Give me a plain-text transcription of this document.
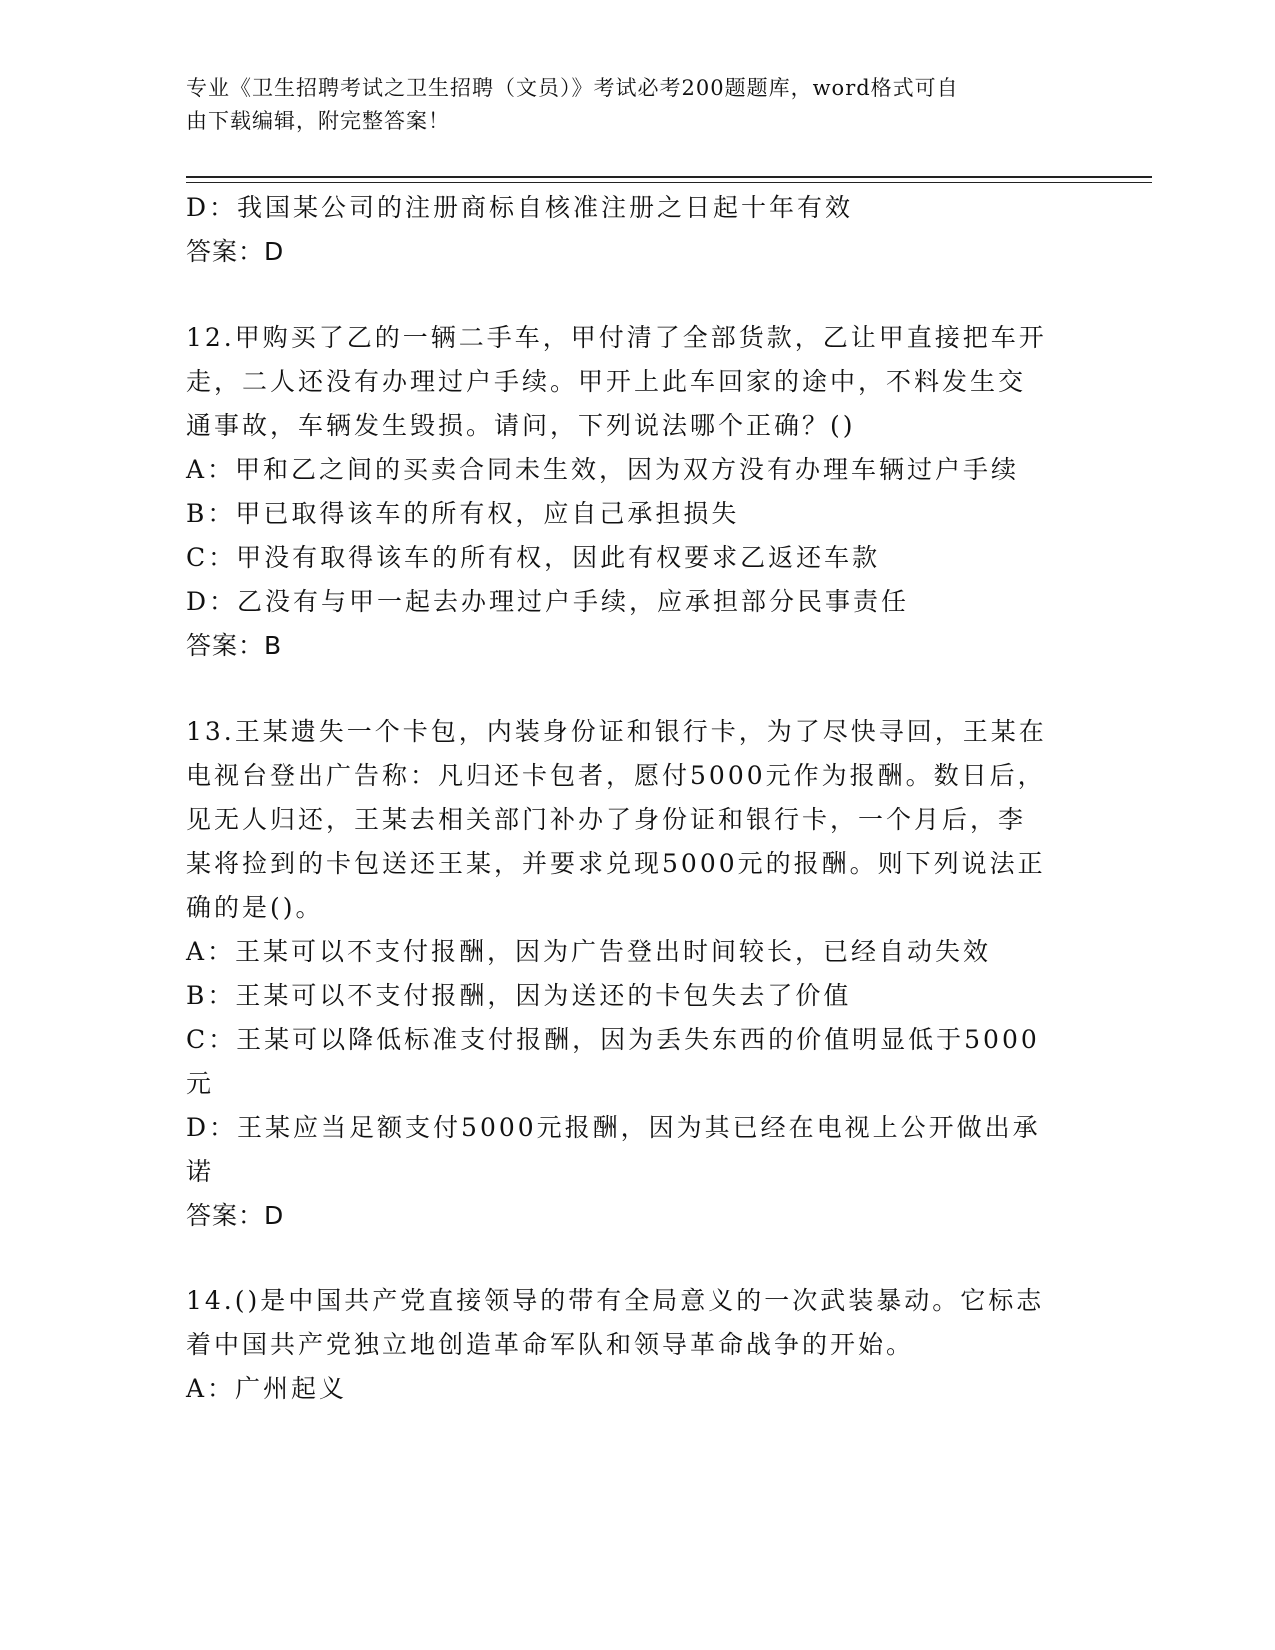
专业《卫生招聘考试之卫生招聘（文员）》考试必考200题题库，word格式可自
由下载编辑，附完整答案！
D：我国某公司的注册商标自核准注册之日起十年有效
答案：D
12.甲购买了乙的一辆二手车，甲付清了全部货款，乙让甲直接把车开
走，二人还没有办理过户手续。甲开上此车回家的途中，不料发生交
通事故，车辆发生毁损。请问，下列说法哪个正确？()
A：甲和乙之间的买卖合同未生效，因为双方没有办理车辆过户手续
B：甲已取得该车的所有权，应自己承担损失
C：甲没有取得该车的所有权，因此有权要求乙返还车款
D：乙没有与甲一起去办理过户手续，应承担部分民事责任
答案：B
13.王某遗失一个卡包，内装身份证和银行卡，为了尽快寻回，王某在
电视台登出广告称：凡归还卡包者，愿付5000元作为报酬。数日后，
见无人归还，王某去相关部门补办了身份证和银行卡，一个月后，李
某将捡到的卡包送还王某，并要求兑现5000元的报酬。则下列说法正
确的是()。
A：王某可以不支付报酬，因为广告登出时间较长，已经自动失效
B：王某可以不支付报酬，因为送还的卡包失去了价值
C：王某可以降低标准支付报酬，因为丢失东西的价值明显低于5000
元
D：王某应当足额支付5000元报酬，因为其已经在电视上公开做出承
诺
答案：D
14.()是中国共产党直接领导的带有全局意义的一次武装暴动。它标志
着中国共产党独立地创造革命军队和领导革命战争的开始。
A：广州起义
